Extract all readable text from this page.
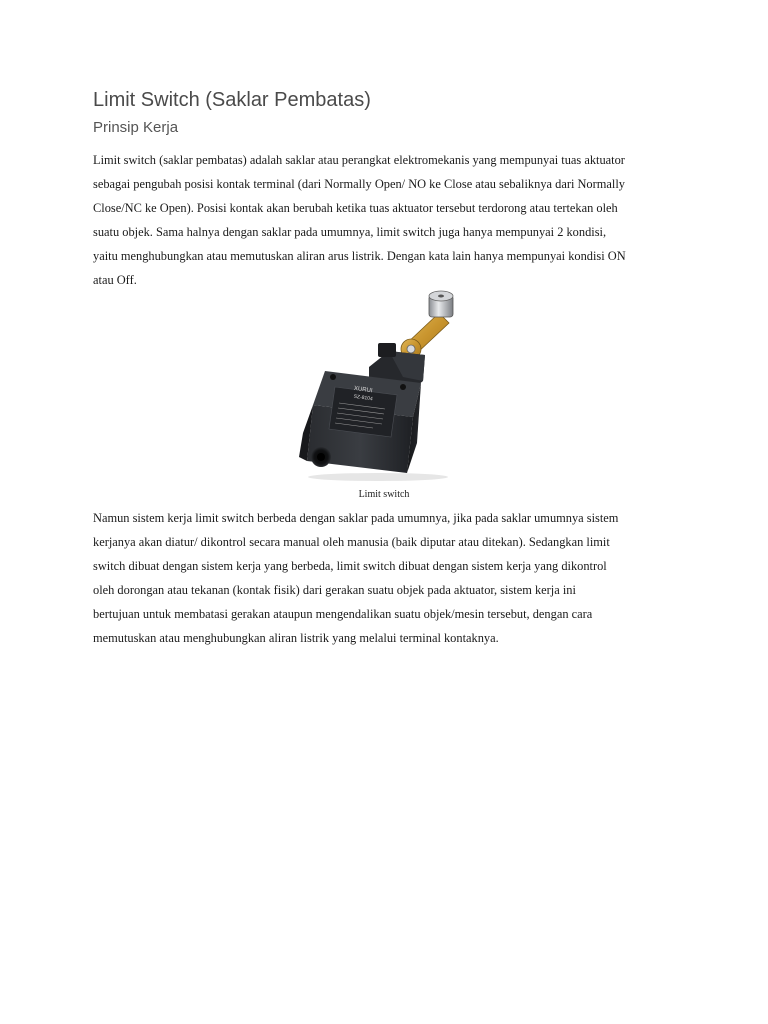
Limit Switch (Saklar Pembatas)
Prinsip Kerja
Limit switch (saklar pembatas) adalah saklar atau perangkat elektromekanis yang mempunyai tuas aktuator
sebagai pengubah posisi kontak terminal (dari Normally Open/ NO ke Close atau sebaliknya dari Normally
Close/NC ke Open). Posisi kontak akan berubah ketika tuas aktuator tersebut terdorong atau tertekan oleh
suatu objek. Sama halnya dengan saklar pada umumnya, limit switch juga hanya mempunyai 2 kondisi,
yaitu menghubungkan atau memutuskan aliran arus listrik. Dengan kata lain hanya mempunyai kondisi ON
atau Off.
XURUI
SZ-8104

Limit switch

Namun sistem kerja limit switch berbeda dengan saklar pada umumnya, jika pada saklar umumnya sistem
kerjanya akan diatur/ dikontrol secara manual oleh manusia (baik diputar atau ditekan). Sedangkan limit
switch dibuat dengan sistem kerja yang berbeda, limit switch dibuat dengan sistem kerja yang dikontrol
oleh dorongan atau tekanan (kontak fisik) dari gerakan suatu objek pada aktuator, sistem kerja ini
bertujuan untuk membatasi gerakan ataupun mengendalikan suatu objek/mesin tersebut, dengan cara
memutuskan atau menghubungkan aliran listrik yang melalui terminal kontaknya.
